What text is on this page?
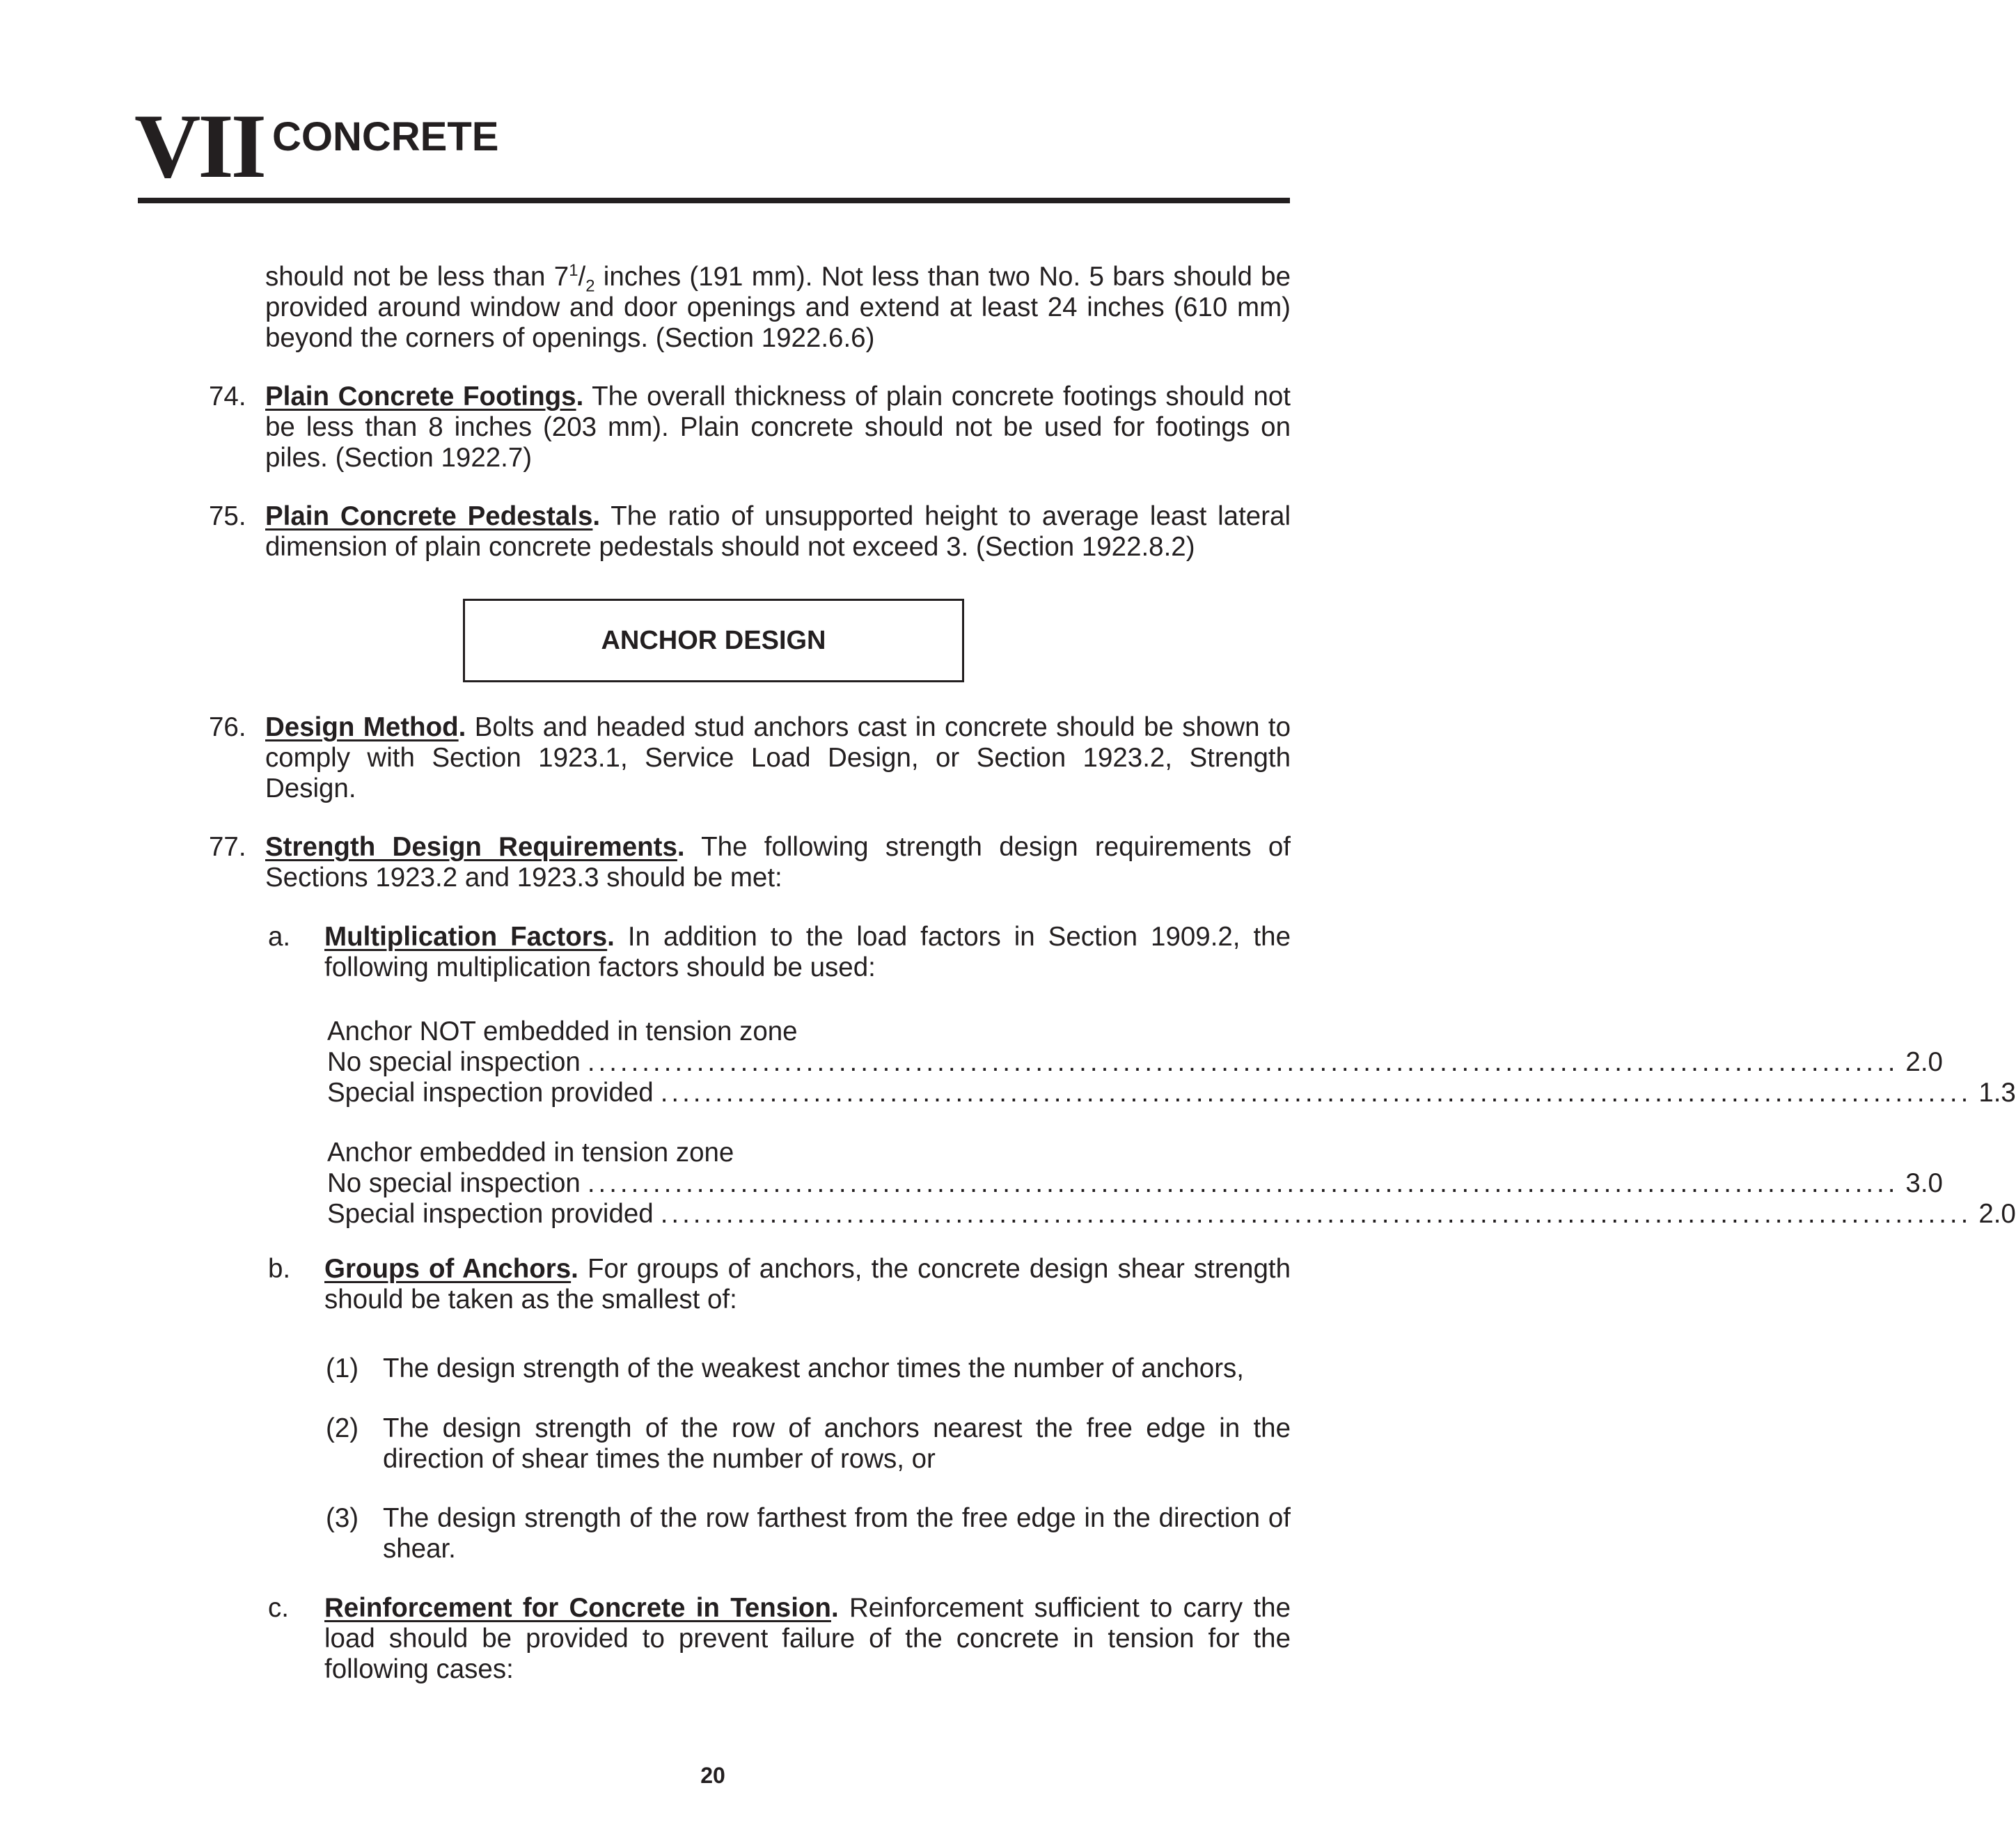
VII CONCRETE
should not be less than $7^1/_2$ inches (191 mm). Not less than two No. 5 bars should be provided around window and door openings and extend at least 24 inches (610 mm) beyond the corners of openings. (Section 1922.6.6)
74. Plain Concrete Footings. The overall thickness of plain concrete footings should not be less than 8 inches (203 mm). Plain concrete should not be used for footings on piles. (Section 1922.7)
75. Plain Concrete Pedestals. The ratio of unsupported height to average least lateral dimension of plain concrete pedestals should not exceed 3. (Section 1922.8.2)
ANCHOR DESIGN
76. Design Method. Bolts and headed stud anchors cast in concrete should be shown to comply with Section 1923.1, Service Load Design, or Section 1923.2, Strength Design.
77. Strength Design Requirements. The following strength design requirements of Sections 1923.2 and 1923.3 should be met:
a. Multiplication Factors. In addition to the load factors in Section 1909.2, the following multiplication factors should be used:
Anchor NOT embedded in tension zone
No special inspection ........................................................................................................................ 2.0
Special inspection provided ........................................................................................................................ 1.3
Anchor embedded in tension zone
No special inspection ........................................................................................................................ 3.0
Special inspection provided ........................................................................................................................ 2.0
b. Groups of Anchors. For groups of anchors, the concrete design shear strength should be taken as the smallest of:
(1) The design strength of the weakest anchor times the number of anchors,
(2) The design strength of the row of anchors nearest the free edge in the direction of shear times the number of rows, or
(3) The design strength of the row farthest from the free edge in the direction of shear.
c. Reinforcement for Concrete in Tension. Reinforcement sufficient to carry the load should be provided to prevent failure of the concrete in tension for the following cases:
20
